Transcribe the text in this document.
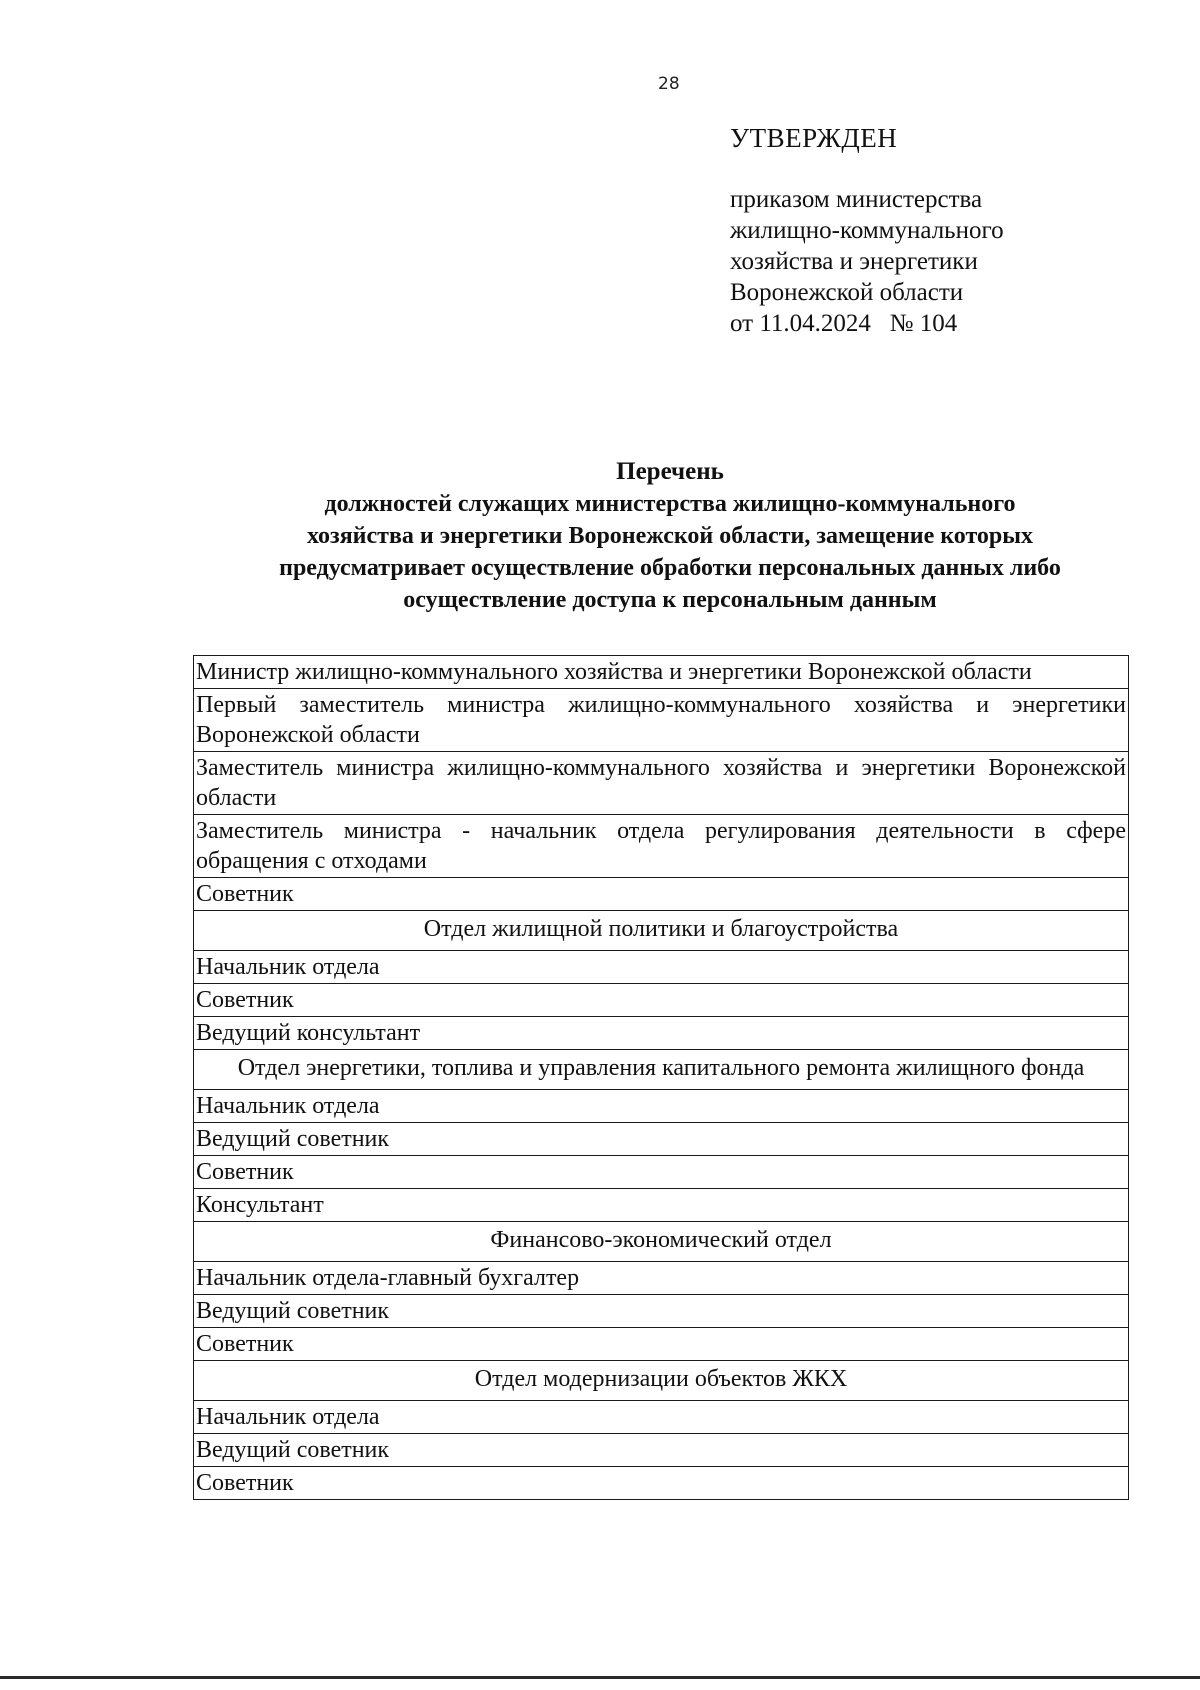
28
УТВЕРЖДЕН
приказом министерства
жилищно-коммунального
хозяйства и энергетики
Воронежской области
от 11.04.2024   № 104
Перечень
должностей служащих министерства жилищно-коммунального
хозяйства и энергетики Воронежской области, замещение которых
предусматривает осуществление обработки персональных данных либо
осуществление доступа к персональным данным
Министр жилищно-коммунального хозяйства и энергетики Воронежской области
Первый заместитель министра жилищно-коммунального хозяйства и энергетики Воронежской области
Заместитель министра жилищно-коммунального хозяйства и энергетики Воронежской области
Заместитель министра - начальник отдела регулирования деятельности в сфере обращения с отходами
Советник
Отдел жилищной политики и благоустройства
Начальник отдела
Советник
Ведущий консультант
Отдел энергетики, топлива и управления капитального ремонта жилищного фонда
Начальник отдела
Ведущий советник
Советник
Консультант
Финансово-экономический отдел
Начальник отдела-главный бухгалтер
Ведущий советник
Советник
Отдел модернизации объектов ЖКХ
Начальник отдела
Ведущий советник
Советник
